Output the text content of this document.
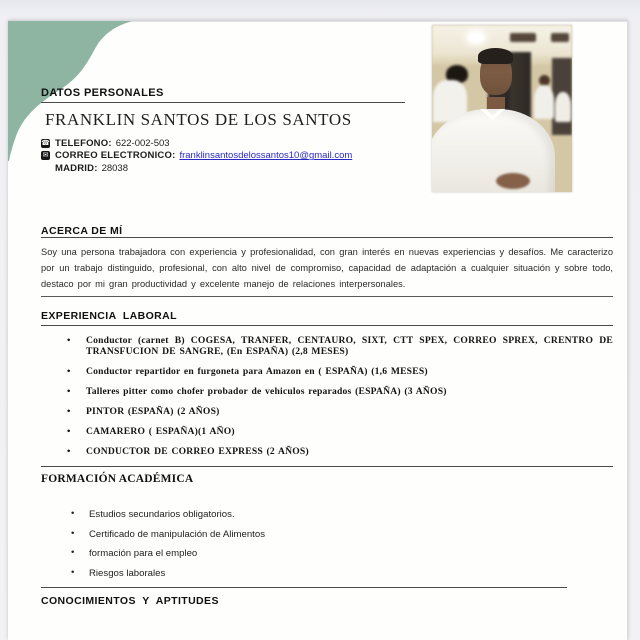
DATOS PERSONALES
FRANKLIN SANTOS DE LOS SANTOS
☎ TELEFONO: 622-002-503
✉ CORREO ELECTRONICO: franklinsantosdelossantos10@gmail.com
MADRID: 28038
ACERCA DE MÍ

Soy una persona trabajadora con experiencia y profesionalidad, con gran interés en nuevas experiencias y desafíos. Me caracterizo por un trabajo distinguido, profesional, con alto nivel de compromiso, capacidad de adaptación a cualquier situación y sobre todo, destaco por mi gran productividad y excelente manejo de relaciones interpersonales.

EXPERIENCIA  LABORAL
• Conductor (carnet B) COGESA, TRANFER, CENTAURO, SIXT, CTT SPEX, CORREO SPREX, CRENTRO DE TRANSFUCION DE SANGRE, (En ESPAÑA) (2,8 MESES)
• Conductor repartidor en furgoneta para Amazon en ( ESPAÑA) (1,6 MESES)
• Talleres pitter como chofer probador de vehiculos reparados (ESPAÑA) (3 AÑOS)
• PINTOR (ESPAÑA) (2 AÑOS)
• CAMARERO ( ESPAÑA)(1 AÑO)
• CONDUCTOR DE CORREO EXPRESS (2 AÑOS)
FORMACIÓN ACADÉMICA
• Estudios secundarios obligatorios.
• Certificado de manipulación de Alimentos
• formación para el empleo
• Riesgos laborales
CONOCIMIENTOS  Y  APTITUDES
